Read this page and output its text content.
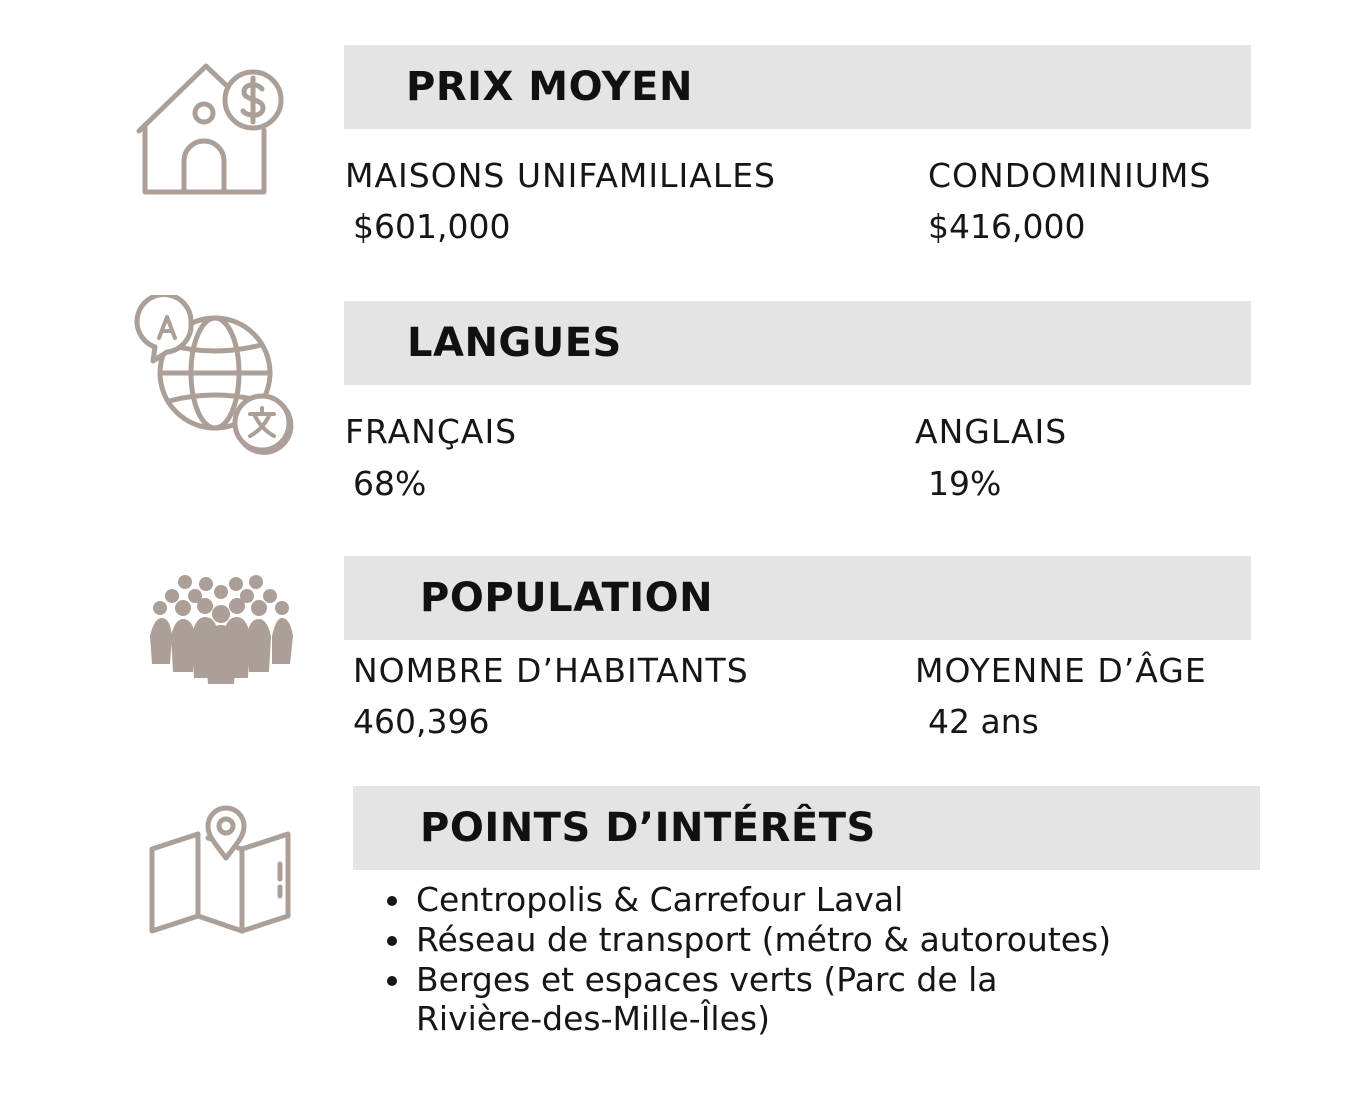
PRIX MOYEN
MAISONS UNIFAMILIALES
$601,000
CONDOMINIUMS
$416,000
LANGUES
FRANÇAIS
68%
ANGLAIS
19%
POPULATION
NOMBRE D’HABITANTS
460,396
MOYENNE D’ÂGE
42 ans
POINTS D’INTÉRÊTS
• Centropolis & Carrefour Laval
• Réseau de transport (métro & autoroutes)
• Berges et espaces verts (Parc de la Rivière-des-Mille-Îles)
